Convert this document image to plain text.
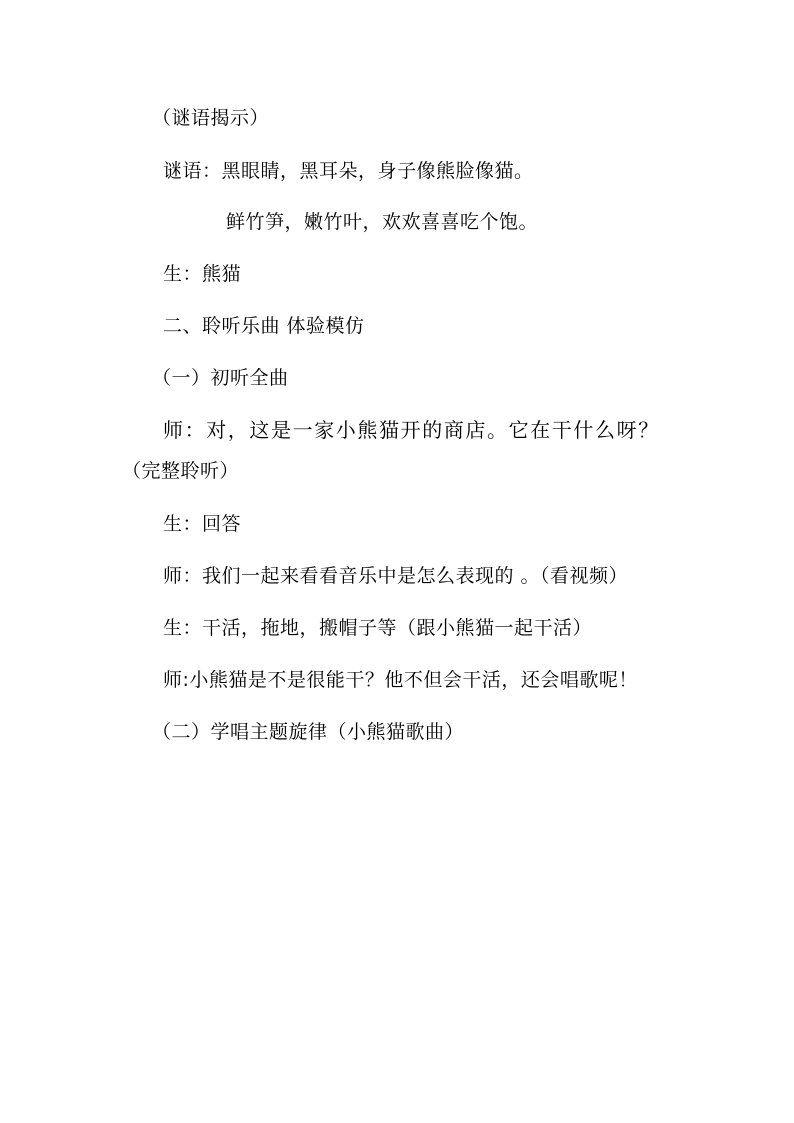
（谜语揭示）
谜语：黑眼睛，黑耳朵，身子像熊脸像猫。
鲜竹笋，嫩竹叶，欢欢喜喜吃个饱。
生：熊猫
二、聆听乐曲 体验模仿
（一）初听全曲
师：对，这是一家小熊猫开的商店。它在干什么呀？
（完整聆听）
生：回答
师：我们一起来看看音乐中是怎么表现的 。（看视频）
生：干活，拖地，搬帽子等（跟小熊猫一起干活）
师:小熊猫是不是很能干？他不但会干活，还会唱歌呢！
（二）学唱主题旋律（小熊猫歌曲）
